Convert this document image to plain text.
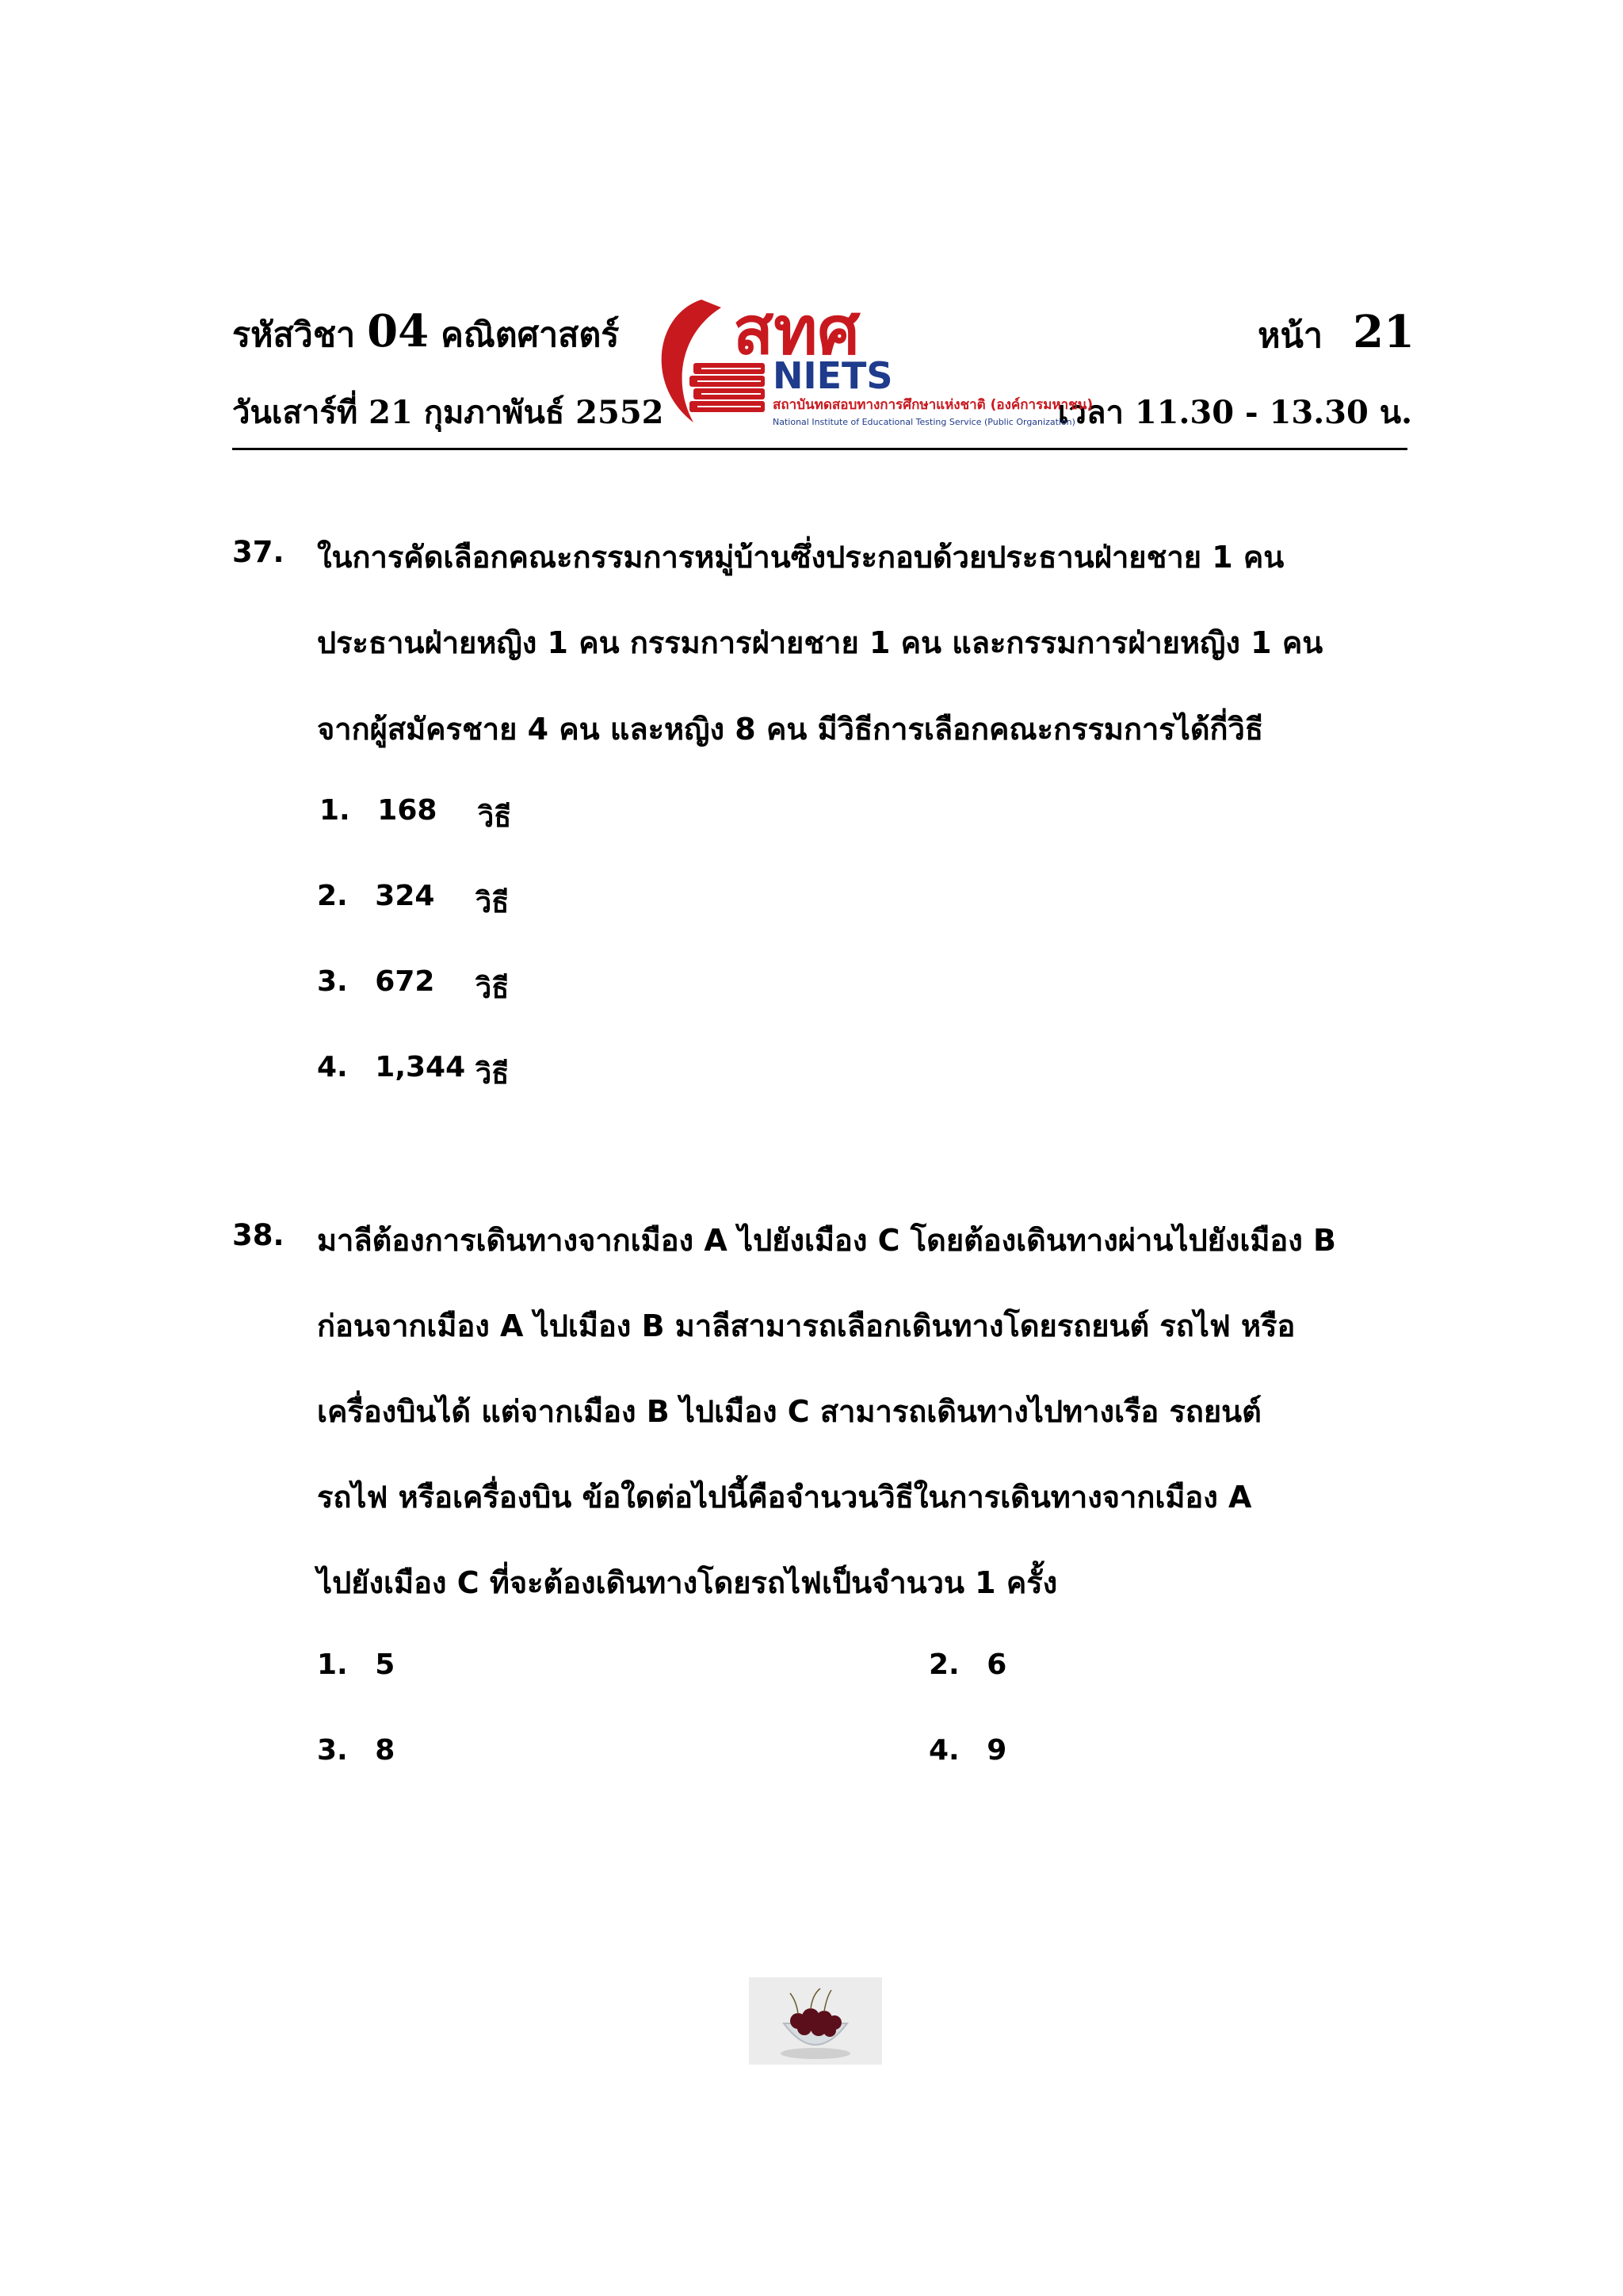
รหัสวิชา 04 คณิตศาสตร์
วันเสาร์ที่ 21 กุมภาพันธ์ 2552
หน้า 21
เวลา 11.30 - 13.30 น.
สทศ
NIETS
สถาบันทดสอบทางการศึกษาแห่งชาติ (องค์การมหาชน)
National Institute of Educational Testing Service (Public Organization)
37. ในการคัดเลือกคณะกรรมการหมู่บ้านซึ่งประกอบด้วยประธานฝ่ายชาย 1 คน
ประธานฝ่ายหญิง 1 คน กรรมการฝ่ายชาย 1 คน และกรรมการฝ่ายหญิง 1 คน
จากผู้สมัครชาย 4 คน และหญิง 8 คน มีวิธีการเลือกคณะกรรมการได้กี่วิธี
1. 168 วิธี
2. 324 วิธี
3. 672 วิธี
4. 1,344 วิธี
38. มาลีต้องการเดินทางจากเมือง A ไปยังเมือง C โดยต้องเดินทางผ่านไปยังเมือง B
ก่อนจากเมือง A ไปเมือง B มาลีสามารถเลือกเดินทางโดยรถยนต์ รถไฟ หรือ
เครื่องบินได้ แต่จากเมือง B ไปเมือง C สามารถเดินทางไปทางเรือ รถยนต์
รถไฟ หรือเครื่องบิน ข้อใดต่อไปนี้คือจำนวนวิธีในการเดินทางจากเมือง A
ไปยังเมือง C ที่จะต้องเดินทางโดยรถไฟเป็นจำนวน 1 ครั้ง
1. 5	2. 6
3. 8	4. 9
